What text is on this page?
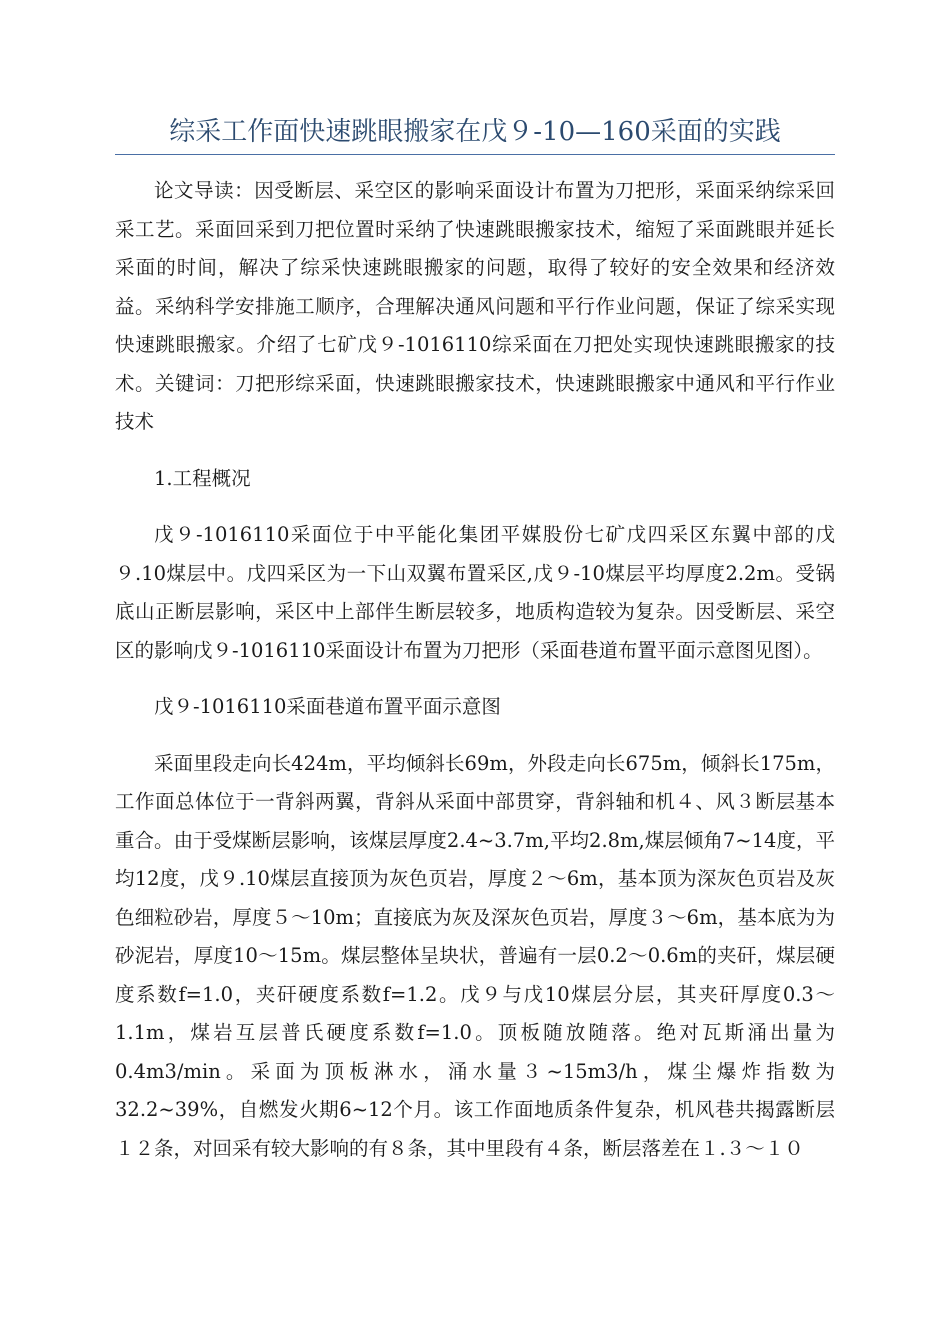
综采工作面快速跳眼搬家在戊９-10—160采面的实践

论文导读：因受断层、采空区的影响采面设计布置为刀把形，采面采纳综采回采工艺。采面回采到刀把位置时采纳了快速跳眼搬家技术，缩短了采面跳眼并延长采面的时间，解决了综采快速跳眼搬家的问题，取得了较好的安全效果和经济效益。采纳科学安排施工顺序，合理解决通风问题和平行作业问题，保证了综采实现快速跳眼搬家。介绍了七矿戊９-1016110综采面在刀把处实现快速跳眼搬家的技术。关键词：刀把形综采面，快速跳眼搬家技术，快速跳眼搬家中通风和平行作业技术

1.工程概况

戊９-1016110采面位于中平能化集团平媒股份七矿戊四采区东翼中部的戊９.10煤层中。戊四采区为一下山双翼布置采区,戊９-10煤层平均厚度2.2m。受锅底山正断层影响，采区中上部伴生断层较多，地质构造较为复杂。因受断层、采空区的影响戊９-1016110采面设计布置为刀把形（采面巷道布置平面示意图见图）。

戊９-1016110采面巷道布置平面示意图

采面里段走向长424m，平均倾斜长69m，外段走向长675m，倾斜长175m，工作面总体位于一背斜两翼，背斜从采面中部贯穿，背斜轴和机４、风３断层基本重合。由于受煤断层影响，该煤层厚度2.4~3.7m,平均2.8m,煤层倾角7~14度，平均12度，戊９.10煤层直接顶为灰色页岩，厚度２～6m，基本顶为深灰色页岩及灰色细粒砂岩，厚度５～10m；直接底为灰及深灰色页岩，厚度３～6m，基本底为为砂泥岩，厚度10～15m。煤层整体呈块状，普遍有一层0.2～0.6m的夹矸，煤层硬度系数f=1.0，夹矸硬度系数f=1.2。戊９与戊10煤层分层，其夹矸厚度0.3～1.1m，煤岩互层普氏硬度系数f=1.0。顶板随放随落。绝对瓦斯涌出量为0.4m3/min。采面为顶板淋水，涌水量３~15m3/h，煤尘爆炸指数为32.2~39%，自燃发火期6~12个月。该工作面地质条件复杂，机风巷共揭露断层１２条，对回采有较大影响的有８条，其中里段有４条，断层落差在１.３～１０
